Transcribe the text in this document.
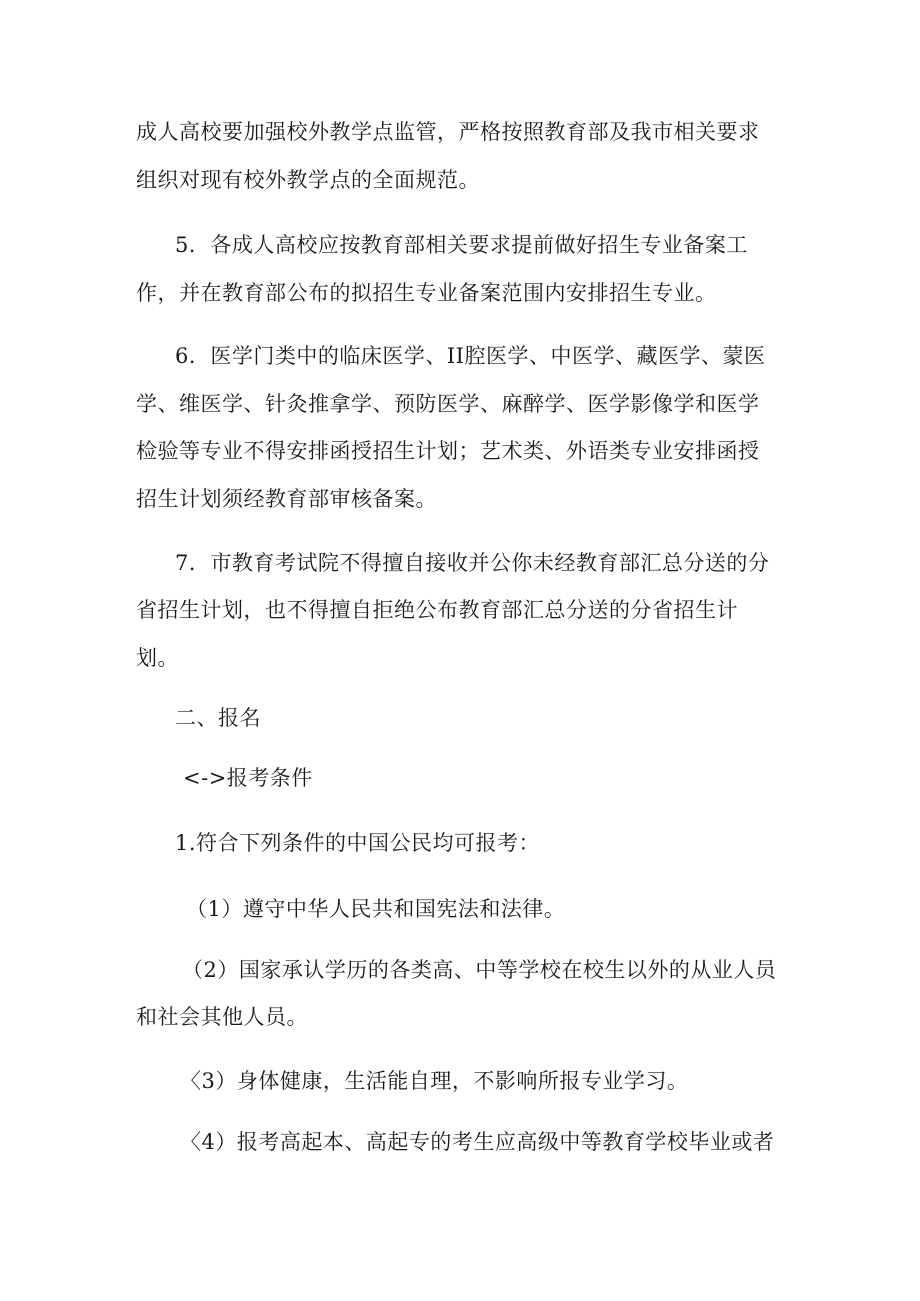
成人高校要加强校外教学点监管，严格按照教育部及我市相关要求
组织对现有校外教学点的全面规范。
5．各成人高校应按教育部相关要求提前做好招生专业备案工
作，并在教育部公布的拟招生专业备案范围内安排招生专业。
6．医学门类中的临床医学、II腔医学、中医学、藏医学、蒙医
学、维医学、针灸推拿学、预防医学、麻醉学、医学影像学和医学
检验等专业不得安排函授招生计划；艺术类、外语类专业安排函授
招生计划须经教育部审核备案。
7．市教育考试院不得擅自接收并公你未经教育部汇总分送的分
省招生计划，也不得擅自拒绝公布教育部汇总分送的分省招生计
划。
二、报名
<->报考条件
1.符合下列条件的中国公民均可报考：
（1）遵守中华人民共和国宪法和法律。
（2）国家承认学历的各类高、中等学校在校生以外的从业人员
和社会其他人员。
〈3）身体健康，生活能自理，不影响所报专业学习。
〈4）报考高起本、高起专的考生应高级中等教育学校毕业或者
